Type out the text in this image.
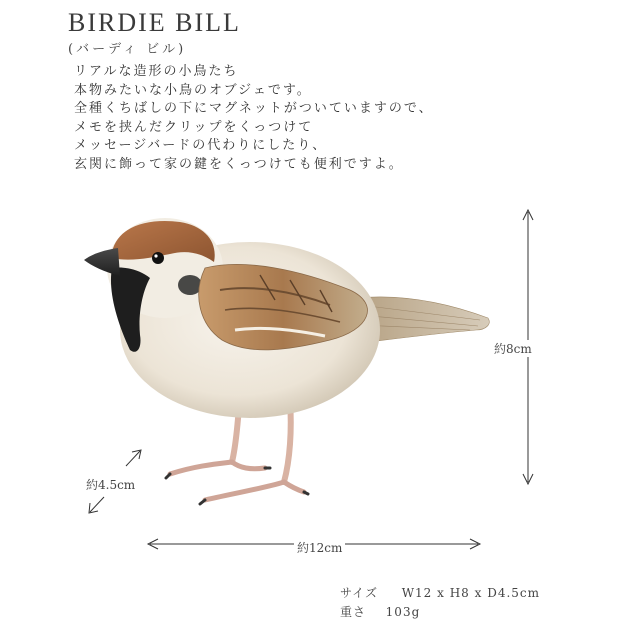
BIRDIE BILL
(バーディ ビル)
リアルな造形の小鳥たち
本物みたいな小鳥のオブジェです。
全種くちばしの下にマグネットがついていますので、
メモを挟んだクリップをくっつけて
メッセージバードの代わりにしたり、
玄関に飾って家の鍵をくっつけても便利ですよ。
約8cm
約4.5cm
約12cm
サイズ W12 x H8 x D4.5cm
重さ 103g
